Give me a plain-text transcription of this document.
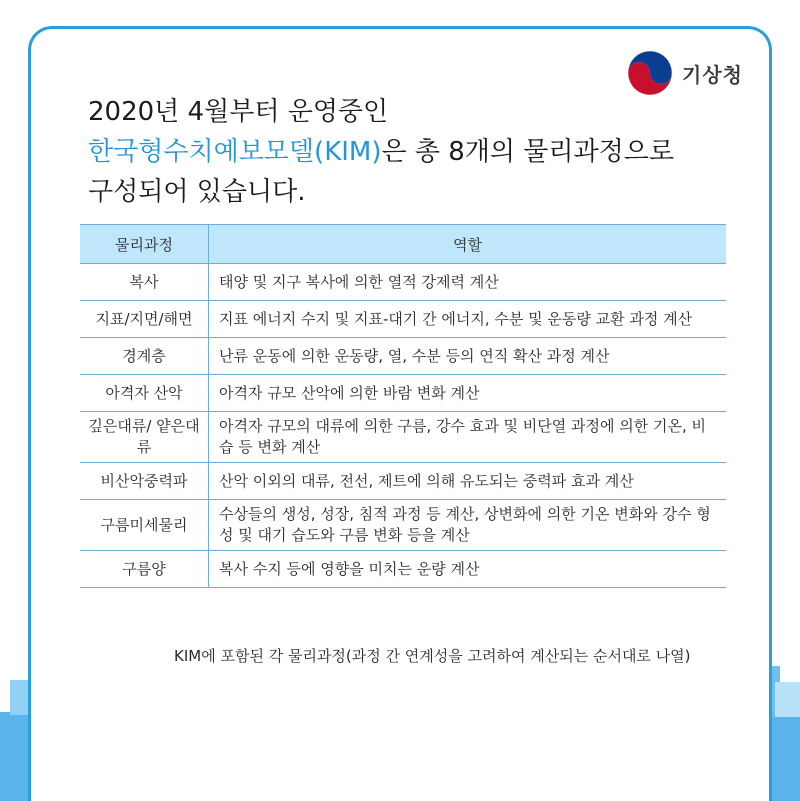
기상청
2020년 4월부터 운영중인
한국형수치예보모델(KIM)은 총 8개의 물리과정으로
구성되어 있습니다.
물리과정	역할
복사	태양 및 지구 복사에 의한 열적 강제력 계산
지표/지면/해면	지표 에너지 수지 및 지표-대기 간 에너지, 수분 및 운동량 교환 과정 계산
경계층	난류 운동에 의한 운동량, 열, 수분 등의 연직 확산 과정 계산
아격자 산악	아격자 규모 산악에 의한 바람 변화 계산
깊은대류/ 얕은대류	아격자 규모의 대류에 의한 구름, 강수 효과 및 비단열 과정에 의한 기온, 비습 등 변화 계산
비산악중력파	산악 이외의 대류, 전선, 제트에 의해 유도되는 중력파 효과 계산
구름미세물리	수상들의 생성, 성장, 침적 과정 등 계산, 상변화에 의한 기온 변화와 강수 형성 및 대기 습도와 구름 변화 등을 계산
구름양	복사 수지 등에 영향을 미치는 운량 계산
KIM에 포함된 각 물리과정(과정 간 연계성을 고려하여 계산되는 순서대로 나열)
